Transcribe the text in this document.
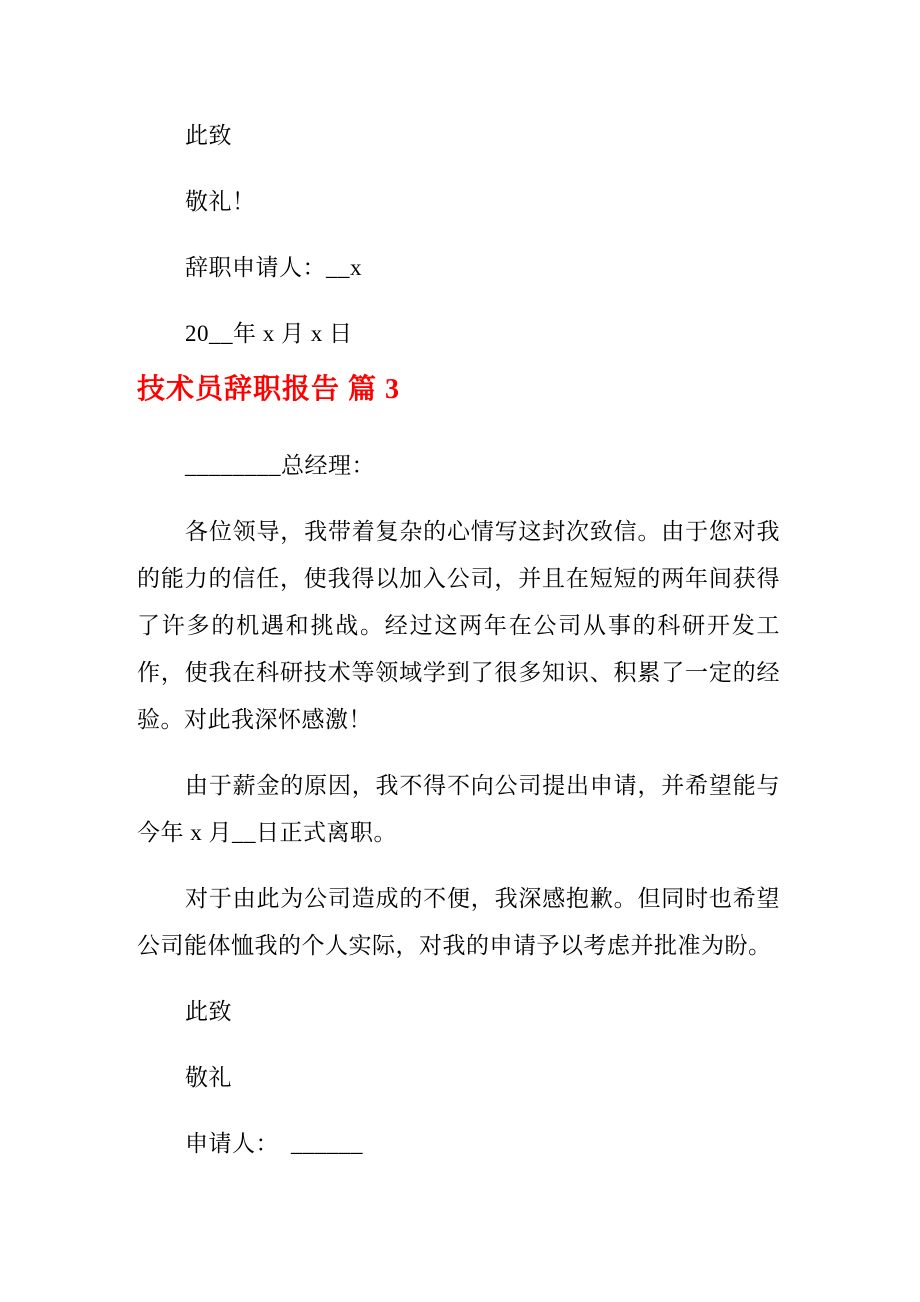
此致

敬礼！

辞职申请人：__x

20__年 x 月 x 日

技术员辞职报告 篇 3

________总经理：

各位领导，我带着复杂的心情写这封次致信。由于您对我的能力的信任，使我得以加入公司，并且在短短的两年间获得了许多的机遇和挑战。经过这两年在公司从事的科研开发工作，使我在科研技术等领域学到了很多知识、积累了一定的经验。对此我深怀感激！

由于薪金的原因，我不得不向公司提出申请，并希望能与今年 x 月__日正式离职。

对于由此为公司造成的不便，我深感抱歉。但同时也希望公司能体恤我的个人实际，对我的申请予以考虑并批准为盼。

此致

敬礼

申请人：　______
